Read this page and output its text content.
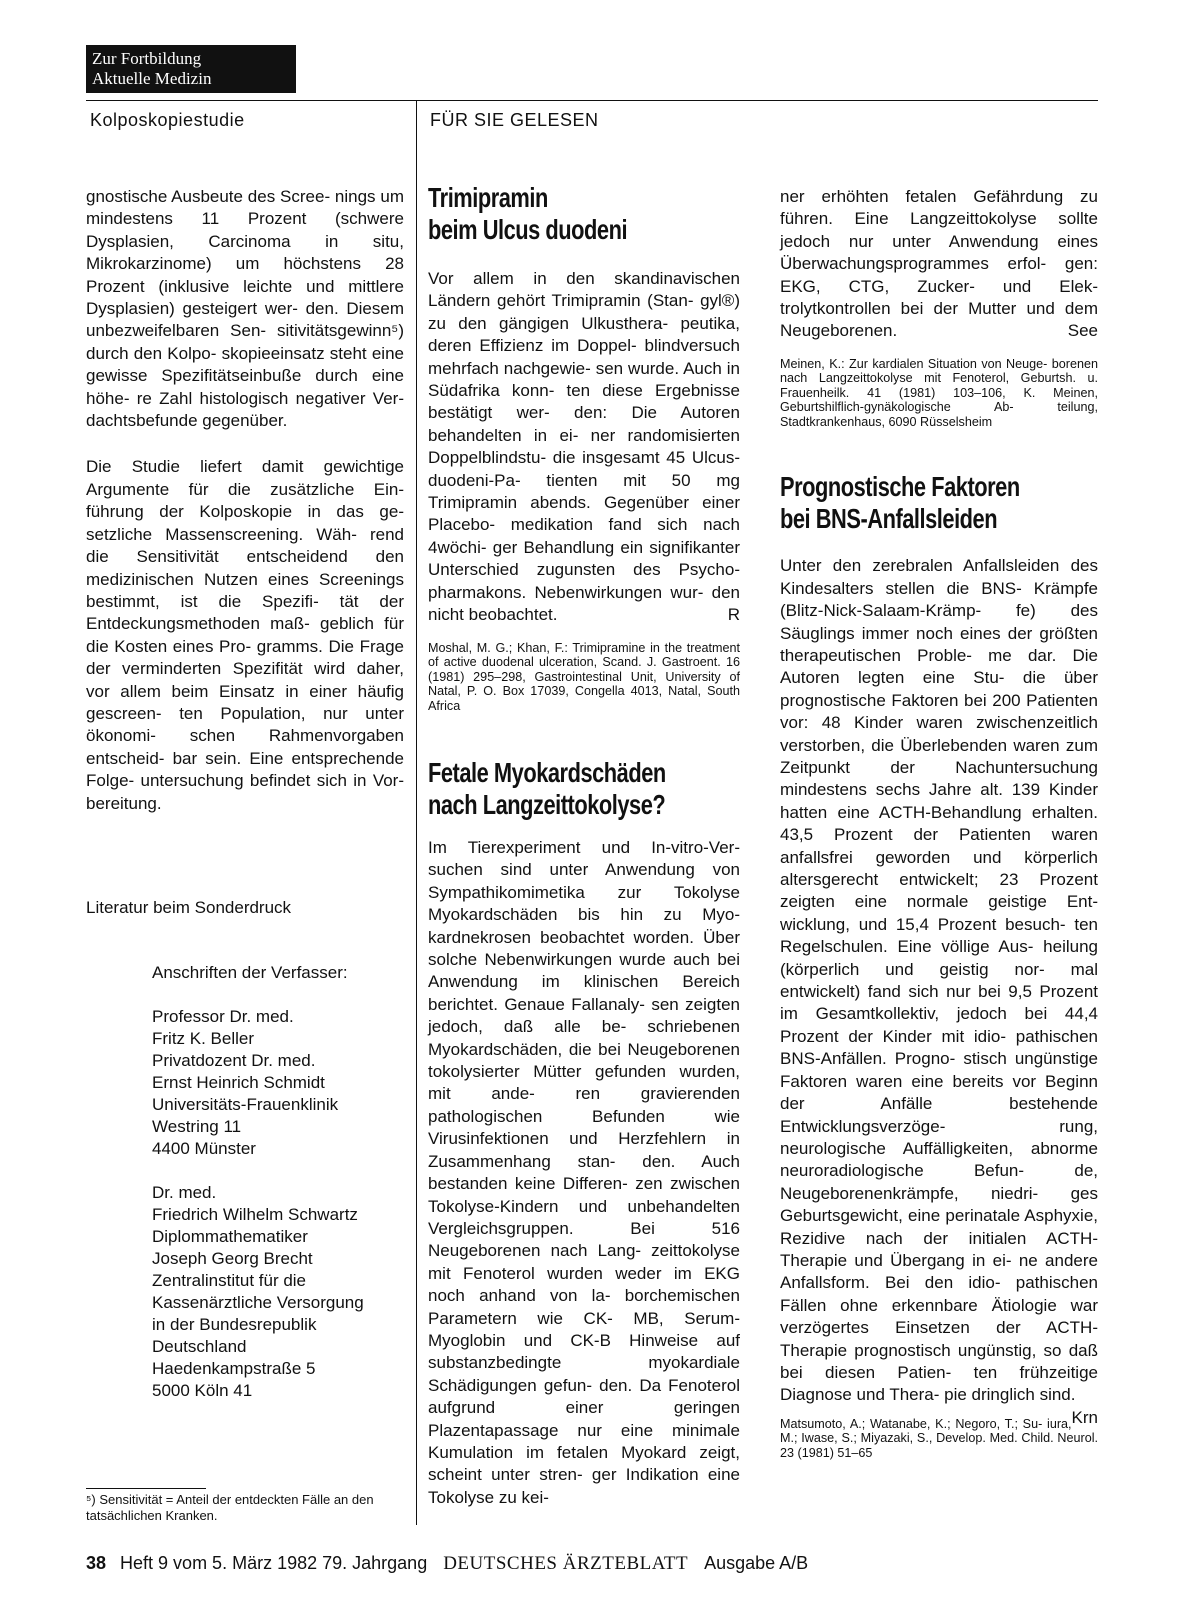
Zur Fortbildung
Aktuelle Medizin
Kolposkopiestudie	FÜR SIE GELESEN

gnostische Ausbeute des Scree- nings um mindestens 11 Prozent (schwere Dysplasien, Carcinoma in situ, Mikrokarzinome) um höchstens 28 Prozent (inklusive leichte und mittlere Dysplasien) gesteigert wer- den. Diesem unbezweifelbaren Sen- sitivitätsgewinn⁵) durch den Kolpo- skopieeinsatz steht eine gewisse Spezifitätseinbuße durch eine höhe- re Zahl histologisch negativer Ver- dachtsbefunde gegenüber.

Die Studie liefert damit gewichtige Argumente für die zusätzliche Ein- führung der Kolposkopie in das ge- setzliche Massenscreening. Wäh- rend die Sensitivität entscheidend den medizinischen Nutzen eines Screenings bestimmt, ist die Spezifi- tät der Entdeckungsmethoden maß- geblich für die Kosten eines Pro- gramms. Die Frage der verminderten Spezifität wird daher, vor allem beim Einsatz in einer häufig gescreen- ten Population, nur unter ökonomi- schen Rahmenvorgaben entscheid- bar sein. Eine entsprechende Folge- untersuchung befindet sich in Vor- bereitung.

Literatur beim Sonderdruck
Anschriften der Verfasser:

Professor Dr. med.
Fritz K. Beller
Privatdozent Dr. med.
Ernst Heinrich Schmidt
Universitäts-Frauenklinik
Westring 11
4400 Münster

Dr. med.
Friedrich Wilhelm Schwartz
Diplommathematiker
Joseph Georg Brecht
Zentralinstitut für die
Kassenärztliche Versorgung
in der Bundesrepublik
Deutschland
Haedenkampstraße 5
5000 Köln 41
⁵) Sensitivität = Anteil der entdeckten Fälle an den tatsächlichen Kranken.
Trimipramin
beim Ulcus duodeni

Vor allem in den skandinavischen Ländern gehört Trimipramin (Stan- gyl®) zu den gängigen Ulkusthera- peutika, deren Effizienz im Doppel- blindversuch mehrfach nachgewie- sen wurde. Auch in Südafrika konn- ten diese Ergebnisse bestätigt wer- den: Die Autoren behandelten in ei- ner randomisierten Doppelblindstu- die insgesamt 45 Ulcus-duodeni-Pa- tienten mit 50 mg Trimipramin abends. Gegenüber einer Placebo- medikation fand sich nach 4wöchi- ger Behandlung ein signifikanter Unterschied zugunsten des Psycho- pharmakons. Nebenwirkungen wur- den nicht beobachtet.	R

Moshal, M. G.; Khan, F.: Trimipramine in the treatment of active duodenal ulceration, Scand. J. Gastroent. 16 (1981) 295–298, Gastrointestinal Unit, University of Natal, P. O. Box 17039, Congella 4013, Natal, South Africa

Fetale Myokardschäden
nach Langzeittokolyse?

Im Tierexperiment und In-vitro-Ver- suchen sind unter Anwendung von Sympathikomimetika zur Tokolyse Myokardschäden bis hin zu Myo- kardnekrosen beobachtet worden. Über solche Nebenwirkungen wurde auch bei Anwendung im klinischen Bereich berichtet. Genaue Fallanaly- sen zeigten jedoch, daß alle be- schriebenen Myokardschäden, die bei Neugeborenen tokolysierter Mütter gefunden wurden, mit ande- ren gravierenden pathologischen Befunden wie Virusinfektionen und Herzfehlern in Zusammenhang stan- den. Auch bestanden keine Differen- zen zwischen Tokolyse-Kindern und unbehandelten Vergleichsgruppen. Bei 516 Neugeborenen nach Lang- zeittokolyse mit Fenoterol wurden weder im EKG noch anhand von la- borchemischen Parametern wie CK- MB, Serum-Myoglobin und CK-B Hinweise auf substanzbedingte myokardiale Schädigungen gefun- den. Da Fenoterol aufgrund einer geringen Plazentapassage nur eine minimale Kumulation im fetalen Myokard zeigt, scheint unter stren- ger Indikation eine Tokolyse zu kei-

ner erhöhten fetalen Gefährdung zu führen. Eine Langzeittokolyse sollte jedoch nur unter Anwendung eines Überwachungsprogrammes erfol- gen: EKG, CTG, Zucker- und Elek- trolytkontrollen bei der Mutter und dem Neugeborenen.	See

Meinen, K.: Zur kardialen Situation von Neuge- borenen nach Langzeittokolyse mit Fenoterol, Geburtsh. u. Frauenheilk. 41 (1981) 103–106, K. Meinen, Geburtshilflich-gynäkologische Ab- teilung, Stadtkrankenhaus, 6090 Rüsselsheim

Prognostische Faktoren
bei BNS-Anfallsleiden

Unter den zerebralen Anfallsleiden des Kindesalters stellen die BNS- Krämpfe (Blitz-Nick-Salaam-Krämp- fe) des Säuglings immer noch eines der größten therapeutischen Proble- me dar. Die Autoren legten eine Stu- die über prognostische Faktoren bei 200 Patienten vor: 48 Kinder waren zwischenzeitlich verstorben, die Überlebenden waren zum Zeitpunkt der Nachuntersuchung mindestens sechs Jahre alt. 139 Kinder hatten eine ACTH-Behandlung erhalten. 43,5 Prozent der Patienten waren anfallsfrei geworden und körperlich altersgerecht entwickelt; 23 Prozent zeigten eine normale geistige Ent- wicklung, und 15,4 Prozent besuch- ten Regelschulen. Eine völlige Aus- heilung (körperlich und geistig nor- mal entwickelt) fand sich nur bei 9,5 Prozent im Gesamtkollektiv, jedoch bei 44,4 Prozent der Kinder mit idio- pathischen BNS-Anfällen. Progno- stisch ungünstige Faktoren waren eine bereits vor Beginn der Anfälle bestehende Entwicklungsverzöge- rung, neurologische Auffälligkeiten, abnorme neuroradiologische Befun- de, Neugeborenenkrämpfe, niedri- ges Geburtsgewicht, eine perinatale Asphyxie, Rezidive nach der initialen ACTH-Therapie und Übergang in ei- ne andere Anfallsform. Bei den idio- pathischen Fällen ohne erkennbare Ätiologie war verzögertes Einsetzen der ACTH-Therapie prognostisch ungünstig, so daß bei diesen Patien- ten frühzeitige Diagnose und Thera- pie dringlich sind.
Krn

Matsumoto, A.; Watanabe, K.; Negoro, T.; Su- iura, M.; Iwase, S.; Miyazaki, S., Develop. Med. Child. Neurol. 23 (1981) 51–65

38 Heft 9 vom 5. März 1982 79. Jahrgang DEUTSCHES ÄRZTEBLATT Ausgabe A/B
